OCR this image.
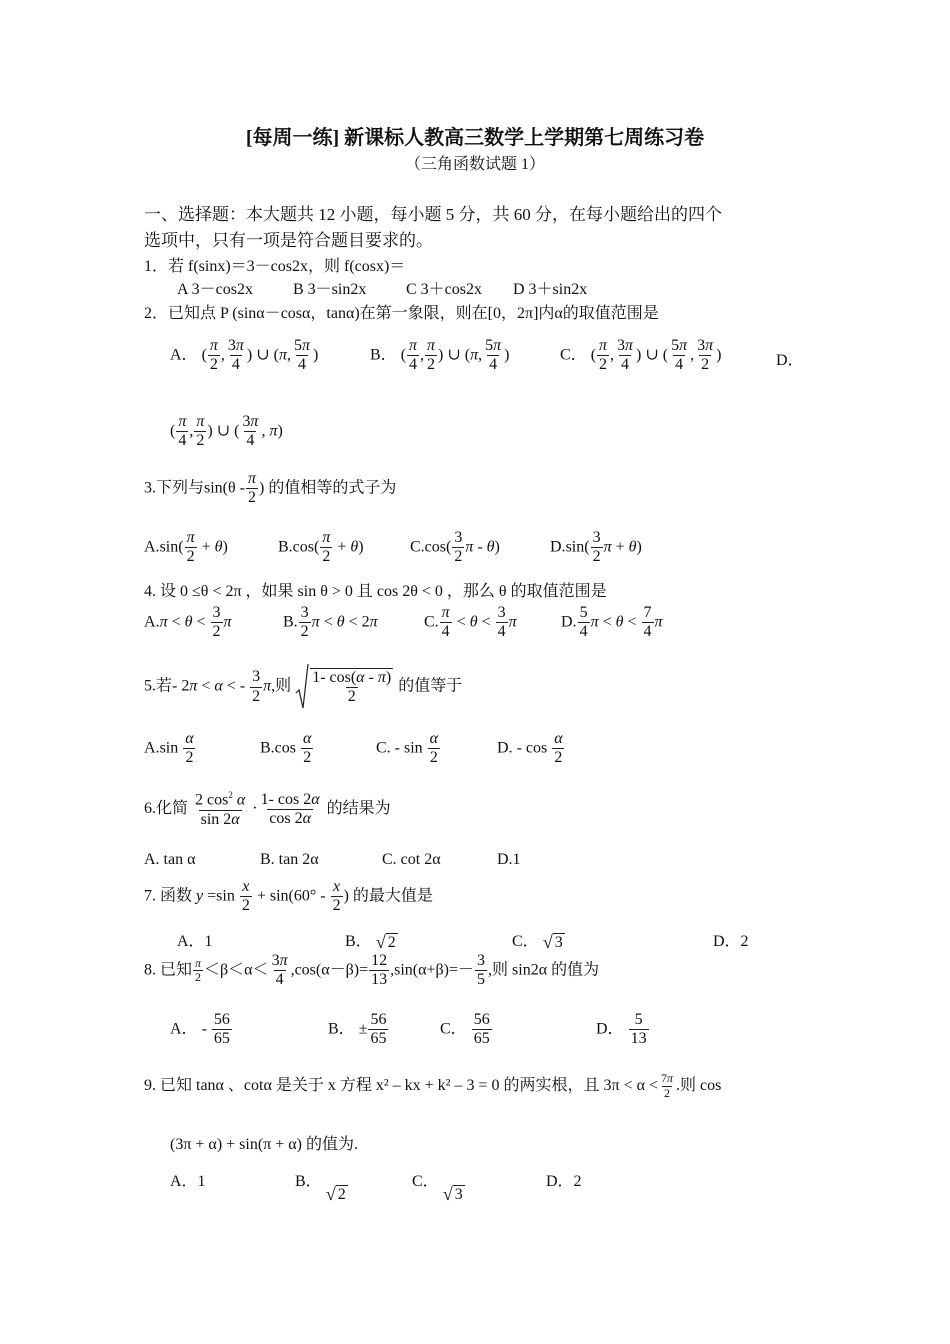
[每周一练] 新课标人教高三数学上学期第七周练习卷
（三角函数试题 1）
一、选择题：本大题共 12 小题，每小题 5 分，共 60 分，在每小题给出的四个
选项中，只有一项是符合题目要求的。
1．若 f(sinx)＝3－cos2x，则 f(cosx)＝
A 3－cos2x B 3－sin2x C 3＋cos2x D 3＋sin2x
2．已知点 P (sinα－cosα，tanα)在第一象限，则在[0，2π]内α的取值范围是
A． ( $\frac{\pi}{2}$ , $\frac{3\pi}{4}$ ) ∪ (π, $\frac{5\pi}{4}$ )	B． ( $\frac{\pi}{4}$ , $\frac{\pi}{2}$ ) ∪ (π, $\frac{5\pi}{4}$ )	C． ( $\frac{\pi}{2}$ , $\frac{3\pi}{4}$ ) ∪ ( $\frac{5\pi}{4}$ , $\frac{3\pi}{2}$ )	D．
( $\frac{\pi}{4}$ , $\frac{\pi}{2}$ ) ∪ ( $\frac{3\pi}{4}$ , π)
3.下列与$\sin(\theta - \frac{\pi}{2}$ ) 的值相等的式子为
$A.\sin( \frac{\pi}{2} + \theta)$	$B.\cos( \frac{\pi}{2} + \theta)$	$C.\cos( \frac{3}{2}$ π - θ)	$D.\sin( \frac{3}{2}$ π + θ)
4. 设 0 ≤θ < 2π ，如果 sin θ > 0 且 cos 2θ < 0 ，那么 θ 的取值范围是
$A.\pi < \theta < \frac{3}{2}$ π	B. $\frac{3}{2}$ π < θ < 2π	C. $\frac{\pi}{4} < \theta < \frac{3}{4}$ π	D. $\frac{5}{4}$ $\pi < \theta < \frac{7}{4}$ π
5.若- 2π < α < - $\frac{3}{2} \pi$,则 $\frac{1- \cos(\alpha - \pi)}{2}$ 的值等于
$A.\sin \frac{\alpha}{2}$	$B.\cos \frac{\alpha}{2}$	C. - $\sin \frac{\alpha}{2}$	D. - $\cos \frac{\alpha}{2}$
6.化简 $\frac{2 \cos^2 \alpha}{\sin 2\alpha} \cdot \frac{1- \cos 2\alpha}{\cos 2\alpha}$ 的结果为
A. tan α	B. tan 2α	C. cot 2α	D.1
7. 函数 $y =\sin \frac{x}{2} + \sin(60^\circ - \frac{x}{2}$ ) 的最大值是
A．1	B． √ 2	C． √ 3	D．2
8. 已知 $\frac{\pi}{2} <\beta<\alpha< \frac{3\pi}{4} ,\cos(\alpha-\beta)= \frac{12}{13} ,\sin(\alpha+\beta)=- \frac{3}{5}$ ,则 sin2α 的值为
A． - $\frac{56}{65}$	B． ± $\frac{56}{65}$	C． $\frac{56}{65}$	D． $\frac{5}{13}$
9. 已知 tanα 、cotα 是关于 x 方程 x² – kx + k² – 3 = 0 的两实根，且 $3\pi < \alpha < \frac{7\pi}{2}$ .则 cos
(3π + α) + sin(π + α) 的值为.
A．1	B．
√ 2
C．
√ 3
D．2
